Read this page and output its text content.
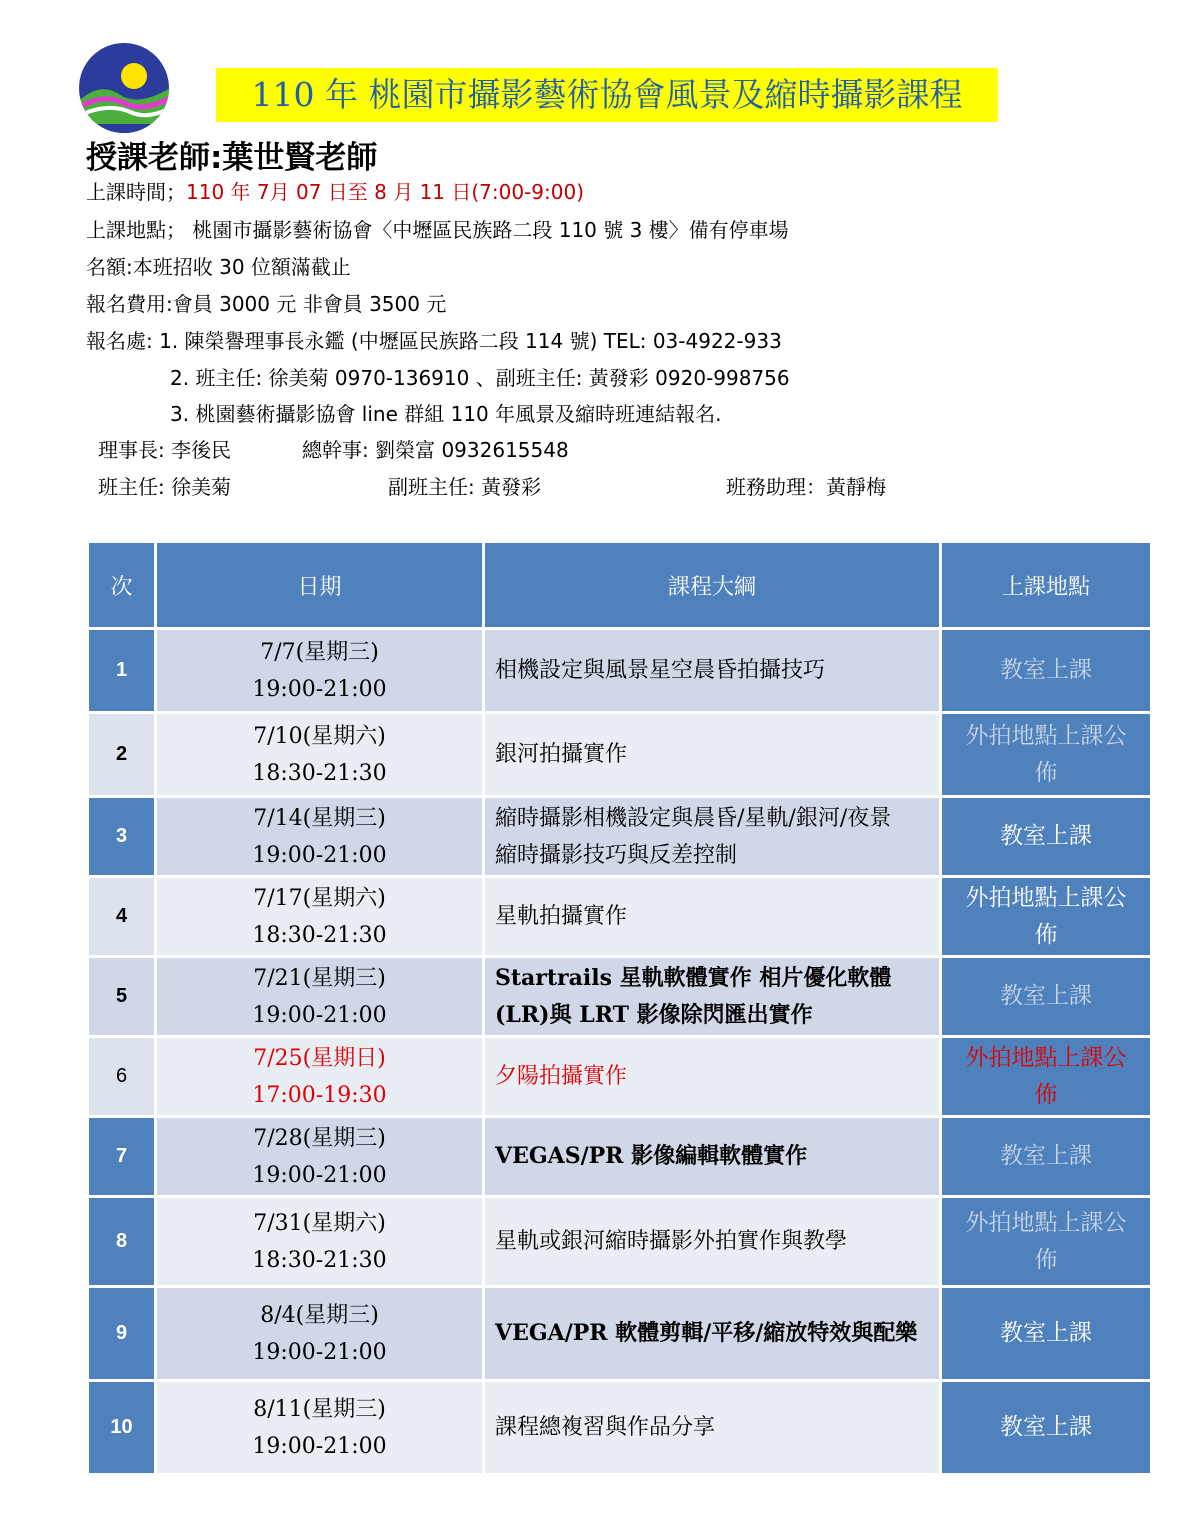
110 年 桃園市攝影藝術協會風景及縮時攝影課程
授課老師:葉世賢老師
上課時間；110 年 7月 07 日至 8 月 11 日(7:00-9:00)
上課地點； 桃園市攝影藝術協會〈中壢區民族路二段 110 號 3 樓〉備有停車場
名額:本班招收 30 位額滿截止
報名費用:會員 3000 元 非會員 3500 元
報名處: 1. 陳榮譽理事長永鑑 (中壢區民族路二段 114 號) TEL: 03-4922-933
2. 班主任: 徐美菊 0970-136910 、副班主任: 黃發彩 0920-998756
3. 桃園藝術攝影協會 line 群組 110 年風景及縮時班連結報名.
理事長: 李後民	總幹事: 劉榮富 0932615548
班主任: 徐美菊	副班主任: 黃發彩	班務助理：黃靜梅
次	日期	課程大綱	上課地點
1	7/7(星期三)
19:00-21:00	相機設定與風景星空晨昏拍攝技巧	教室上課

2	7/10(星期六)
18:30-21:30	銀河拍攝實作	外拍地點上課公
佈

3	7/14(星期三)
19:00-21:00	縮時攝影相機設定與晨昏/星軌/銀河/夜景
縮時攝影技巧與反差控制	教室上課

4	7/17(星期六)
18:30-21:30	星軌拍攝實作	外拍地點上課公
佈

5	7/21(星期三)
19:00-21:00	Startrails 星軌軟體實作 相片優化軟體
(LR)與 LRT 影像除閃匯出實作	教室上課

6	7/25(星期日)
17:00-19:30	夕陽拍攝實作	外拍地點上課公
佈

7	7/28(星期三)
19:00-21:00	VEGAS/PR 影像編輯軟體實作	教室上課

8	7/31(星期六)
18:30-21:30	星軌或銀河縮時攝影外拍實作與教學	外拍地點上課公
佈

9	8/4(星期三)
19:00-21:00	VEGA/PR 軟體剪輯/平移/縮放特效與配樂	教室上課

10	8/11(星期三)
19:00-21:00	課程總複習與作品分享	教室上課
